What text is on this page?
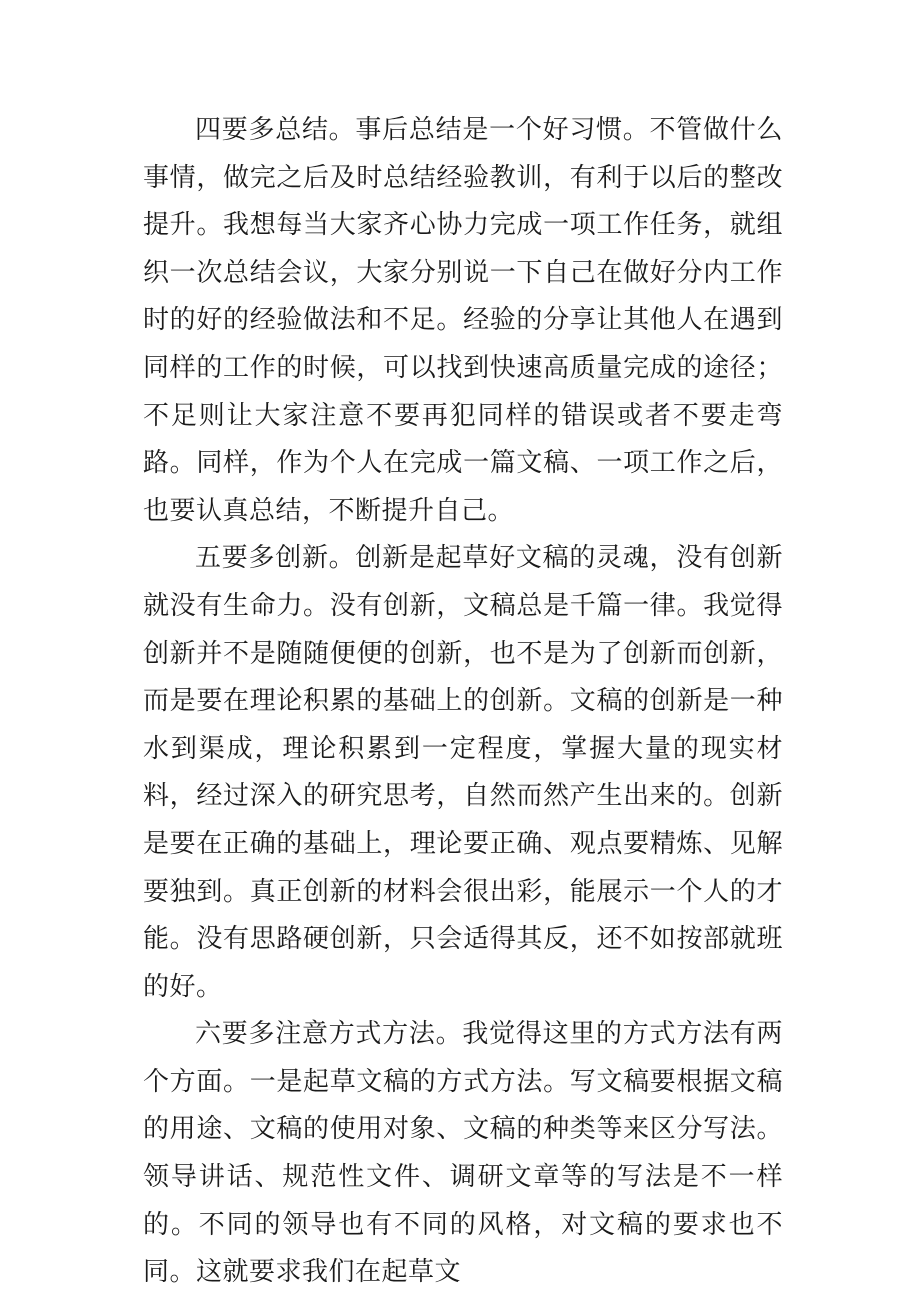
四要多总结。事后总结是一个好习惯。不管做什么事情，做完之后及时总结经验教训，有利于以后的整改提升。我想每当大家齐心协力完成一项工作任务，就组织一次总结会议，大家分别说一下自己在做好分内工作时的好的经验做法和不足。经验的分享让其他人在遇到同样的工作的时候，可以找到快速高质量完成的途径；不足则让大家注意不要再犯同样的错误或者不要走弯路。同样，作为个人在完成一篇文稿、一项工作之后，也要认真总结，不断提升自己。

五要多创新。创新是起草好文稿的灵魂，没有创新就没有生命力。没有创新，文稿总是千篇一律。我觉得创新并不是随随便便的创新，也不是为了创新而创新，而是要在理论积累的基础上的创新。文稿的创新是一种水到渠成，理论积累到一定程度，掌握大量的现实材料，经过深入的研究思考，自然而然产生出来的。创新是要在正确的基础上，理论要正确、观点要精炼、见解要独到。真正创新的材料会很出彩，能展示一个人的才能。没有思路硬创新，只会适得其反，还不如按部就班的好。

六要多注意方式方法。我觉得这里的方式方法有两个方面。一是起草文稿的方式方法。写文稿要根据文稿的用途、文稿的使用对象、文稿的种类等来区分写法。领导讲话、规范性文件、调研文章等的写法是不一样的。不同的领导也有不同的风格，对文稿的要求也不同。这就要求我们在起草文
